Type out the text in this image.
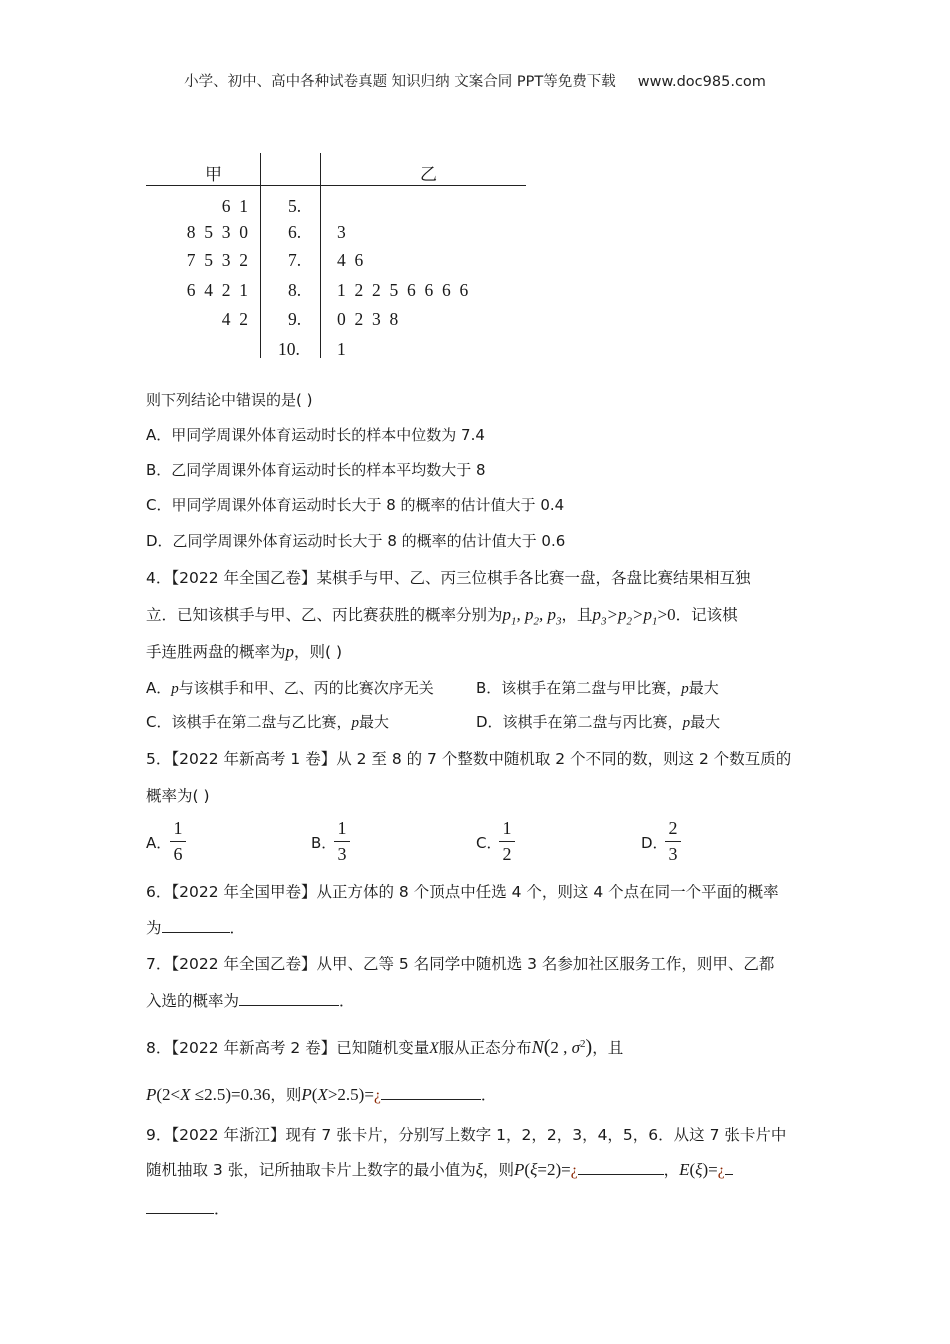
小学、初中、高中各种试卷真题 知识归纳 文案合同 PPT等免费下载 www.doc985.com
甲	乙
6  1 5.
8  5  3  0 6. 3
7  5  3  2 7. 4  6
6  4  2  1 8. 1  2  2  5  6  6  6  6
4  2 9. 0  2  3  8
10. 1
则下列结论中错误的是( )
A．甲同学周课外体育运动时长的样本中位数为 7.4
B．乙同学周课外体育运动时长的样本平均数大于 8
C．甲同学周课外体育运动时长大于 8 的概率的估计值大于 0.4
D．乙同学周课外体育运动时长大于 8 的概率的估计值大于 0.6
4．【2022 年全国乙卷】某棋手与甲、乙、丙三位棋手各比赛一盘，各盘比赛结果相互独
立．已知该棋手与甲、乙、丙比赛获胜的概率分别为$p_1$, $p_2$, $p_3$，且$p_3>p_2>p_1>0$．记该棋
手连胜两盘的概率为p，则( )
A．p与该棋手和甲、乙、丙的比赛次序无关	B．该棋手在第二盘与甲比赛，p最大
C．该棋手在第二盘与乙比赛，p最大	D．该棋手在第二盘与丙比赛，p最大
5．【2022 年新高考 1 卷】从 2 至 8 的 7 个整数中随机取 2 个不同的数，则这 2 个数互质的
概率为( )
A．
1
6
B．
1
3
C．
1
2
D．
2
3
6．【2022 年全国甲卷】从正方体的 8 个顶点中任选 4 个，则这 4 个点在同一个平面的概率
为	．
7．【2022 年全国乙卷】从甲、乙等 5 名同学中随机选 3 名参加社区服务工作，则甲、乙都
入选的概率为	．
8．【2022 年新高考 2 卷】已知随机变量X服从正态分布N(2 , $\sigma^2$)，且
P(2<X ≤2.5)=0.36，则P(X>2.5)=¿	．
9．【2022 年浙江】现有 7 张卡片，分别写上数字 1，2，2，3，4，5，6．从这 7 张卡片中
随机抽取 3 张，记所抽取卡片上数字的最小值为ξ，则P(ξ=2)=¿	，E(ξ)=¿
．
